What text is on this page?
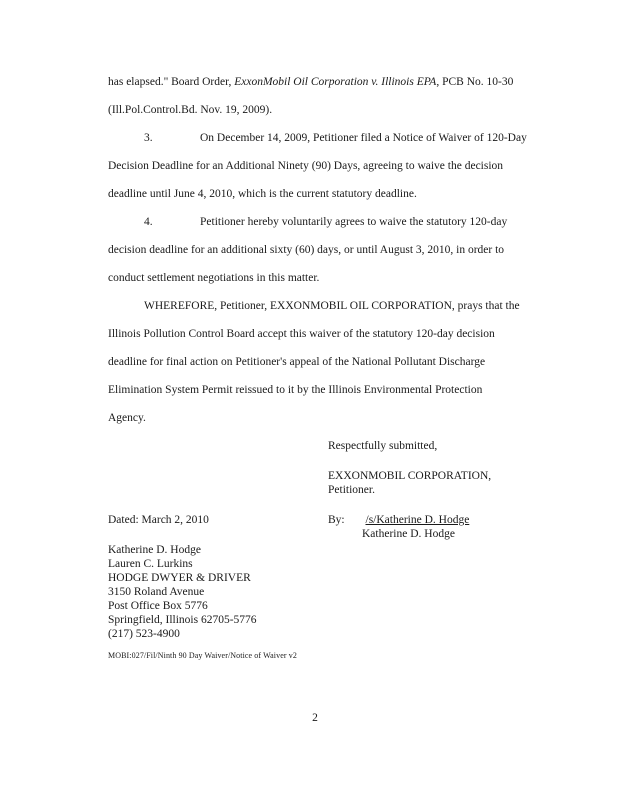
has elapsed." Board Order, ExxonMobil Oil Corporation v. Illinois EPA, PCB No. 10-30
(Ill.Pol.Control.Bd. Nov. 19, 2009).
3.	On December 14, 2009, Petitioner filed a Notice of Waiver of 120-Day
Decision Deadline for an Additional Ninety (90) Days, agreeing to waive the decision
deadline until June 4, 2010, which is the current statutory deadline.
4.	Petitioner hereby voluntarily agrees to waive the statutory 120-day
decision deadline for an additional sixty (60) days, or until August 3, 2010, in order to
conduct settlement negotiations in this matter.
WHEREFORE, Petitioner, EXXONMOBIL OIL CORPORATION, prays that the
Illinois Pollution Control Board accept this waiver of the statutory 120-day decision
deadline for final action on Petitioner's appeal of the National Pollutant Discharge
Elimination System Permit reissued to it by the Illinois Environmental Protection
Agency.
Respectfully submitted,
EXXONMOBIL CORPORATION,
Petitioner.
Dated: March 2, 2010	By: /s/Katherine D. Hodge
Katherine D. Hodge
Katherine D. Hodge
Lauren C. Lurkins
HODGE DWYER & DRIVER
3150 Roland Avenue
Post Office Box 5776
Springfield, Illinois 62705-5776
(217) 523-4900
MOBI:027/Fil/Ninth 90 Day Waiver/Notice of Waiver v2
2
